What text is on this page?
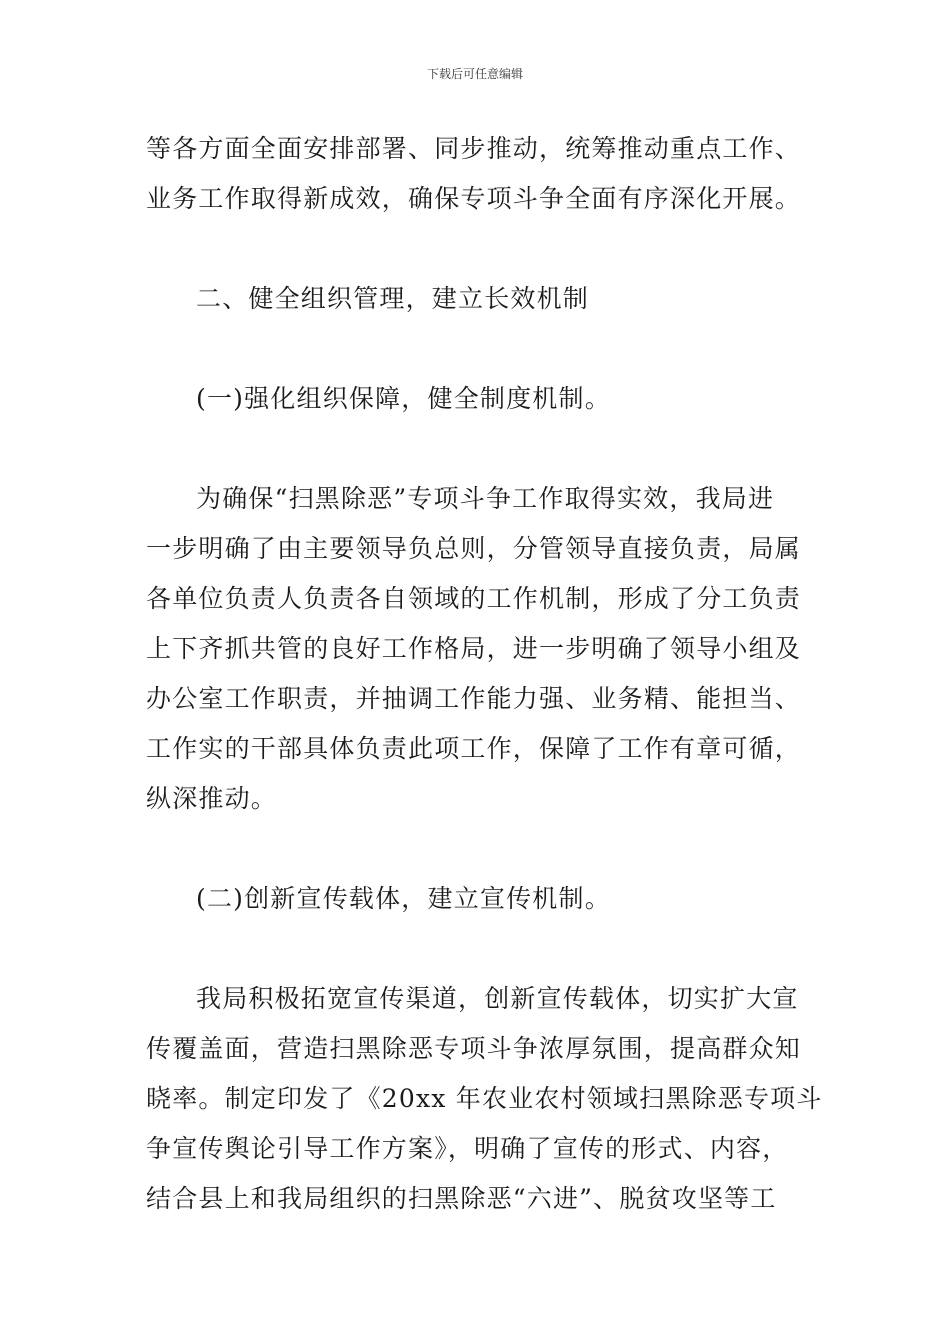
下载后可任意编辑
等各方面全面安排部署、同步推动，统筹推动重点工作、
业务工作取得新成效，确保专项斗争全面有序深化开展。
二、健全组织管理，建立长效机制
(一)强化组织保障，健全制度机制。
为确保“扫黑除恶”专项斗争工作取得实效，我局进
一步明确了由主要领导负总则，分管领导直接负责，局属
各单位负责人负责各自领域的工作机制，形成了分工负责
上下齐抓共管的良好工作格局，进一步明确了领导小组及
办公室工作职责，并抽调工作能力强、业务精、能担当、
工作实的干部具体负责此项工作，保障了工作有章可循，
纵深推动。
(二)创新宣传载体，建立宣传机制。
我局积极拓宽宣传渠道，创新宣传载体，切实扩大宣
传覆盖面，营造扫黑除恶专项斗争浓厚氛围，提高群众知
晓率。制定印发了《20xx 年农业农村领域扫黑除恶专项斗
争宣传舆论引导工作方案》，明确了宣传的形式、内容，
结合县上和我局组织的扫黑除恶“六进”、脱贫攻坚等工
